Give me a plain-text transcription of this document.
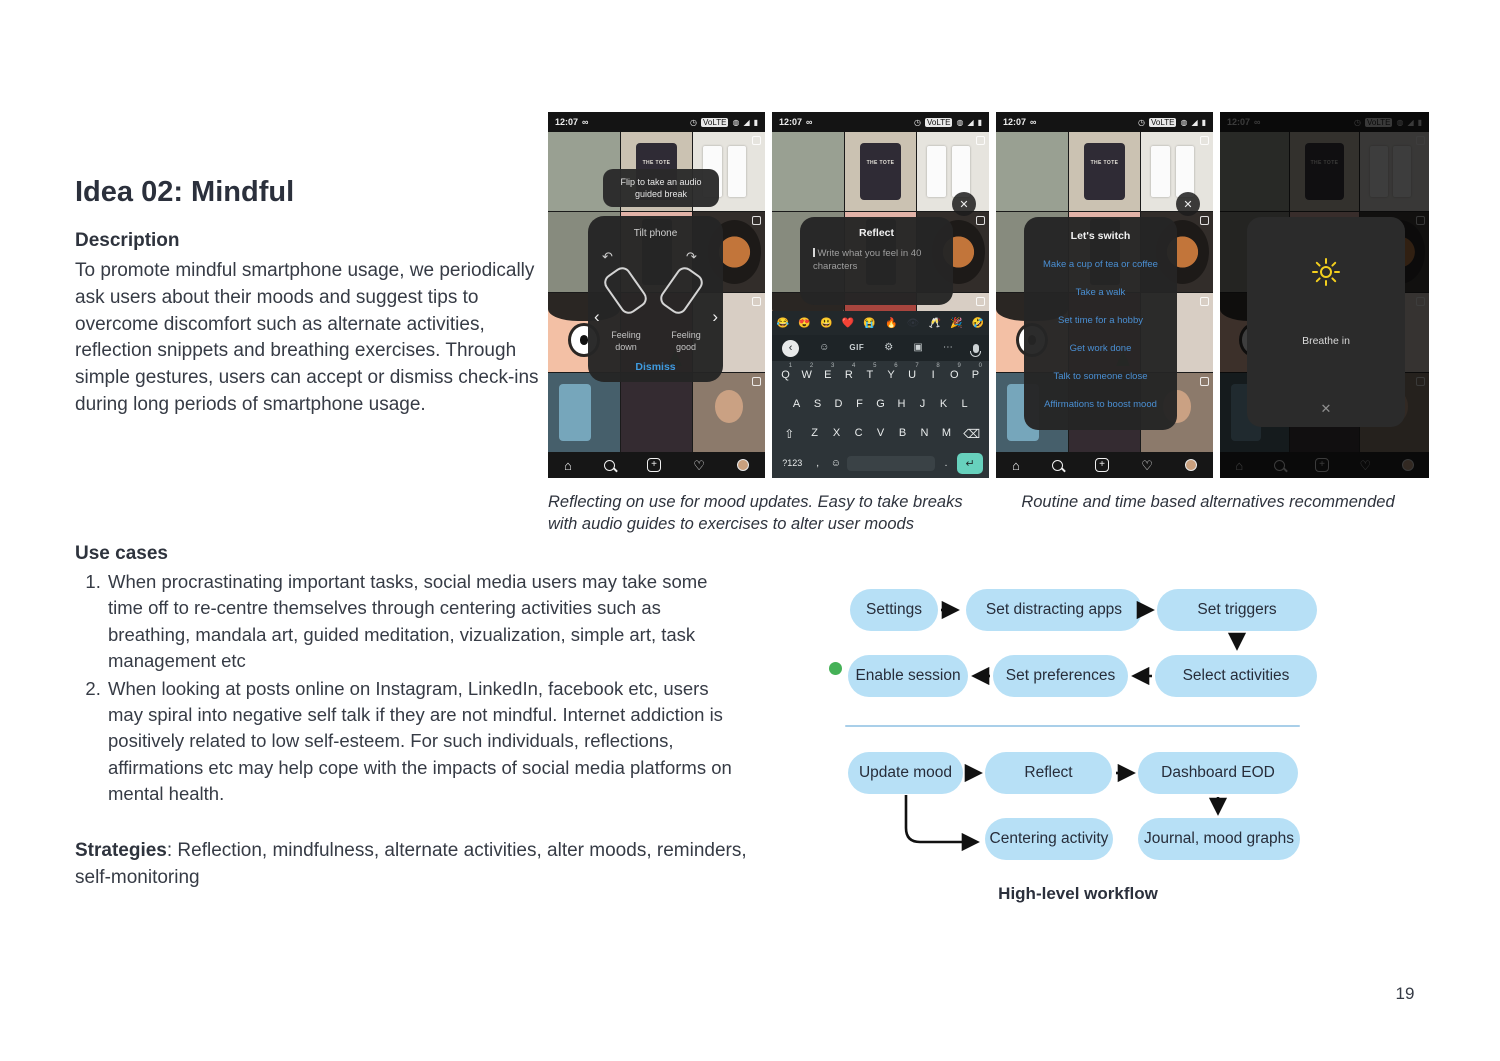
Idea 02: Mindful
Description
To promote mindful smartphone usage, we periodically ask users about their moods and suggest tips to overcome discomfort such as alternate activities, reflection snippets and breathing exercises. Through simple gestures, users can accept or dismiss check-ins during long periods of smartphone usage.
Use cases
1. When procrastinating important tasks, social media users may take some time off to re-centre themselves through centering activities such as breathing, mandala art, guided meditation, vizualization, simple art, task management etc
2. When looking at posts online on Instagram, LinkedIn, facebook etc, users may spiral into negative self talk if they are not mindful. Internet addiction is positively related to low self-esteem. For such individuals, reflections, affirmations etc may help cope with the impacts of social media platforms on mental health.
Strategies: Reflection, mindfulness, alternate activities, alter moods, reminders, self-monitoring
19
Reflecting on use for mood updates. Easy to take breaks with audio guides to exercises to alter user moods
Routine and time based alternatives recommended
12:07 ∞	◷ VoLTE ◍ ◢ ▮
THE TOTE
Flip to take an audio guided break
Tilt phone
↶	↷
‹	›
Feeling down
Feeling good
Dismiss
⌂	+	♡
12:07 ∞	◷ VoLTE ◍ ◢ ▮
THE TOTE
✕
Reflect
Write what you feel in 40 characters
😂 😍 😃 ❤️ 😭 🔥 👁 🥂 🎉 🤣
‹	☺	GIF ⚙ ▣ ⋯
Q
1
W
2
E
3
R
4
T
5
Y
6
U
7
I
8
O
9
P
0
A	S	D	F	G	H	J	K	L
⇧	Z	X	C	V	B	N	M	⌫
?123	,	☺	.	↵
12:07 ∞	◷ VoLTE ◍ ◢ ▮
THE TOTE
✕
Let's switch
Make a cup of tea or coffee
Take a walk
Set time for a hobby
Get work done
Talk to someone close
Affirmations to boost mood
⌂	+	♡
Breathe in
✕
Settings	Set distracting apps	Set triggers
Enable session	Set preferences	Select activities
Update mood	Reflect	Dashboard EOD
Centering activity	Journal, mood graphs
High-level workflow
